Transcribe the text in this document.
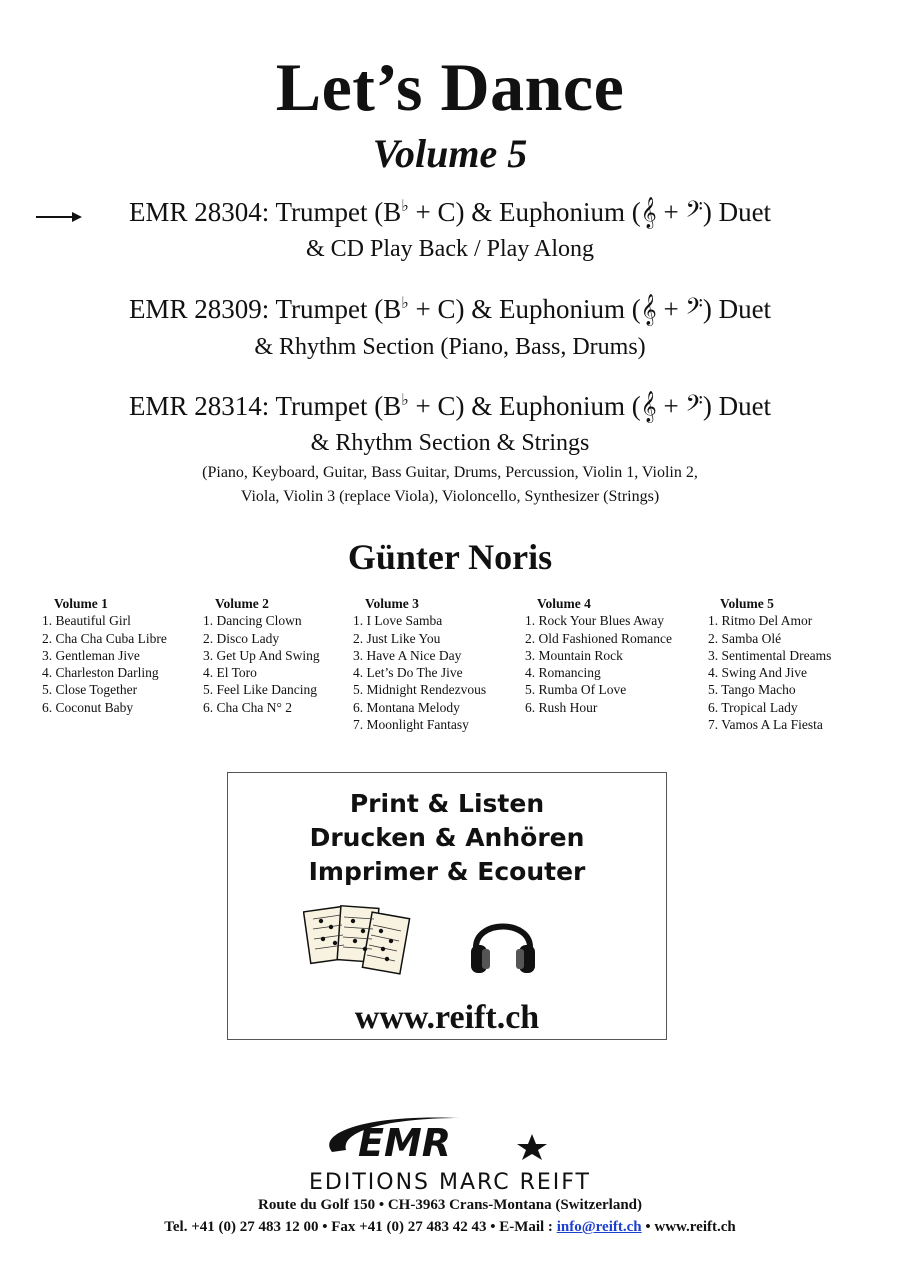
Let’s Dance
Volume 5
EMR 28304: Trumpet (B♭ + C) & Euphonium (𝄞 + 𝄢) Duet
& CD Play Back / Play Along
EMR 28309: Trumpet (B♭ + C) & Euphonium (𝄞 + 𝄢) Duet
& Rhythm Section (Piano, Bass, Drums)
EMR 28314: Trumpet (B♭ + C) & Euphonium (𝄞 + 𝄢) Duet
& Rhythm Section & Strings
(Piano, Keyboard, Guitar, Bass Guitar, Drums, Percussion, Violin 1, Violin 2,
Viola, Violin 3 (replace Viola), Violoncello, Synthesizer (Strings)
Günter Noris
Volume 1
1. Beautiful Girl
2. Cha Cha Cuba Libre
3. Gentleman Jive
4. Charleston Darling
5. Close Together
6. Coconut Baby
Volume 2
1. Dancing Clown
2. Disco Lady
3. Get Up And Swing
4. El Toro
5. Feel Like Dancing
6. Cha Cha N° 2
Volume 3
1. I Love Samba
2. Just Like You
3. Have A Nice Day
4. Let’s Do The Jive
5. Midnight Rendezvous
6. Montana Melody
7. Moonlight Fantasy
Volume 4
1. Rock Your Blues Away
2. Old Fashioned Romance
3. Mountain Rock
4. Romancing
5. Rumba Of Love
6. Rush Hour
Volume 5
1. Ritmo Del Amor
2. Samba Olé
3. Sentimental Dreams
4. Swing And Jive
5. Tango Macho
6. Tropical Lady
7. Vamos A La Fiesta
Print & Listen
Drucken & Anhören
Imprimer & Ecouter
www.reift.ch
EMR
EDITIONS MARC REIFT
Route du Golf 150 • CH-3963 Crans-Montana (Switzerland)
Tel. +41 (0) 27 483 12 00 • Fax +41 (0) 27 483 42 43 • E-Mail : info@reift.ch • www.reift.ch
